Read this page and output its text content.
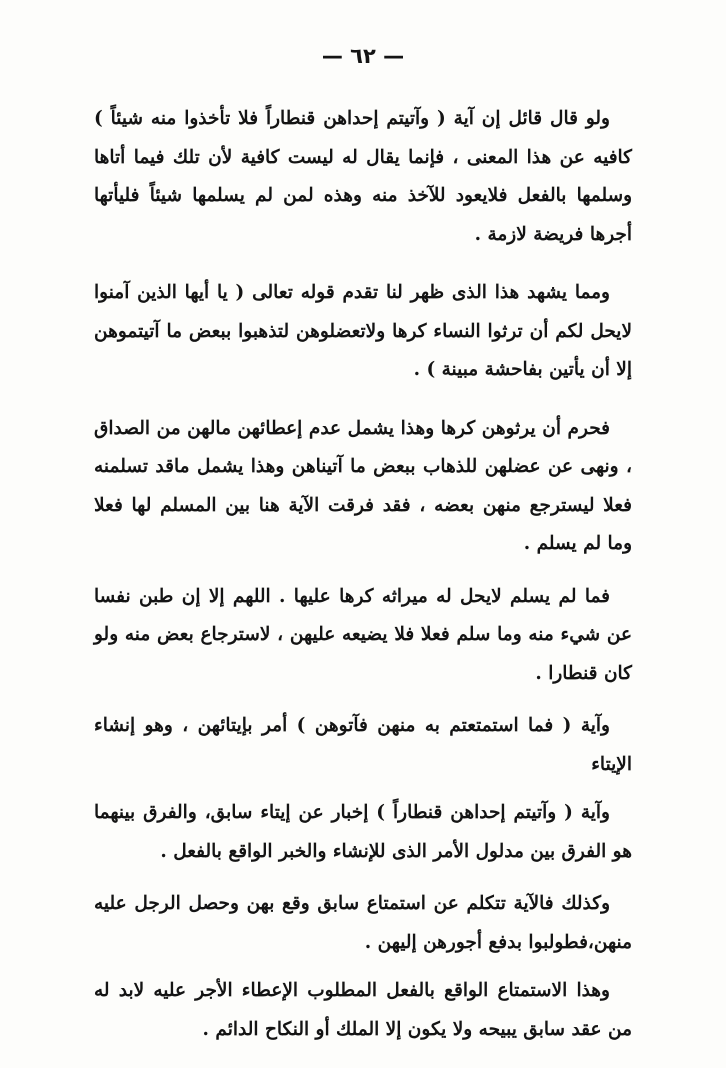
— ٦٢ —

ولو قال قائل إن آية ( وآتيتم إحداهن قنطاراً فلا تأخذوا منه شيئاً ) كافيه عن هذا المعنى ، فإنما يقال له ليست كافية لأن تلك فيما أتاها وسلمها بالفعل فلايعود للآخذ منه وهذه لمن لم يسلمها شيئاً فليأتها أجرها فريضة لازمة .

ومما يشهد هذا الذى ظهر لنا تقدم قوله تعالى ( يا أيها الذين آمنوا لايحل لكم أن ترثوا النساء كرها ولاتعضلوهن لتذهبوا ببعض ما آتيتموهن إلا أن يأتين بفاحشة مبينة ) .

فحرم أن يرثوهن كرها وهذا يشمل عدم إعطائهن مالهن من الصداق ، ونهى عن عضلهن للذهاب ببعض ما آتيناهن وهذا يشمل ماقد تسلمنه فعلا ليسترجع منهن بعضه ، فقد فرقت الآية هنا بين المسلم لها فعلا وما لم يسلم .

فما لم يسلم لايحل له ميراثه كرها عليها . اللهم إلا إن طبن نفسا عن شيء منه وما سلم فعلا فلا يضيعه عليهن ، لاسترجاع بعض منه ولو كان قنطارا .

وآية ( فما استمتعتم به منهن فآتوهن ) أمر بإيتائهن ، وهو إنشاء الإيتاء

وآية ( وآتيتم إحداهن قنطاراً ) إخبار عن إيتاء سابق، والفرق بينهما هو الفرق بين مدلول الأمر الذى للإنشاء والخبر الواقع بالفعل .

وكذلك فالآية تتكلم عن استمتاع سابق وقع بهن وحصل الرجل عليه منهن،فطولبوا بدفع أجورهن إليهن .

وهذا الاستمتاع الواقع بالفعل المطلوب الإعطاء الأجر عليه لابد له من عقد سابق يبيحه ولا يكون إلا الملك أو النكاح الدائم .
